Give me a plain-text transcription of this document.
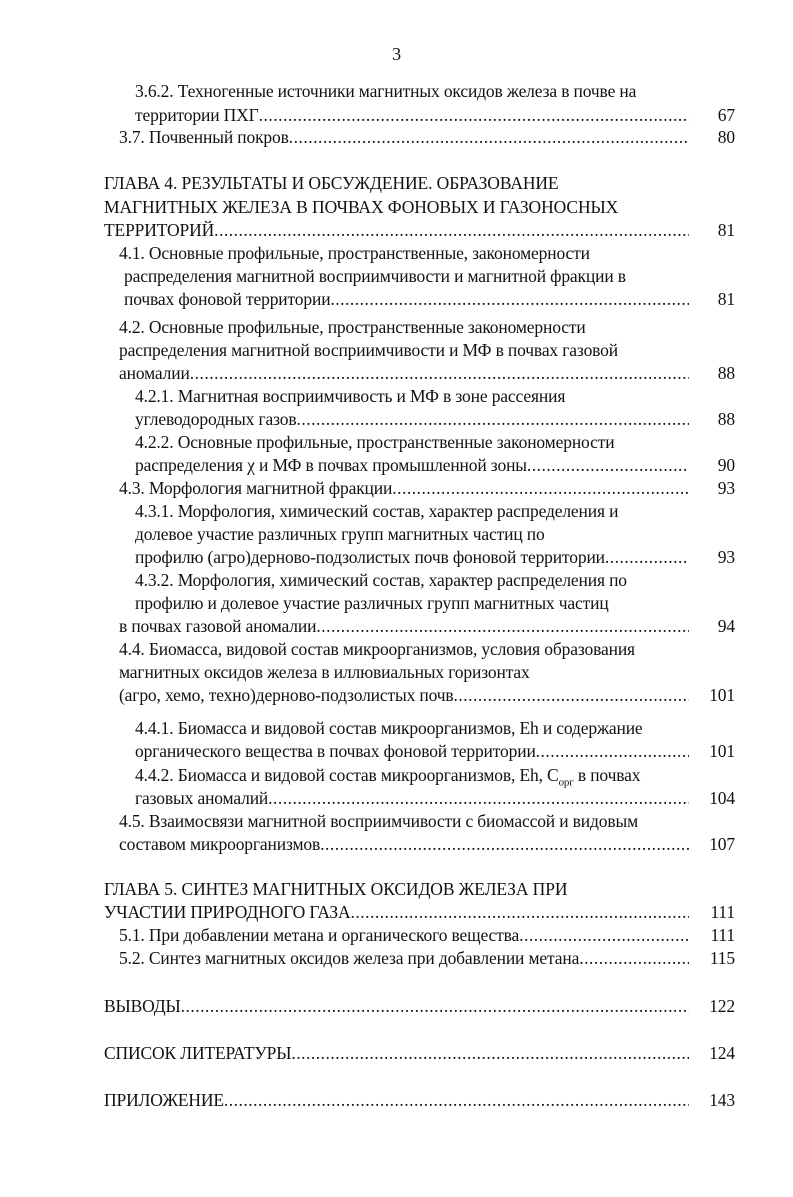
3
3.6.2. Техногенные источники магнитных оксидов железа в почве на
территории ПХГ .....	67
3.7. Почвенный покров .....	80
ГЛАВА 4. РЕЗУЛЬТАТЫ И ОБСУЖДЕНИЕ. ОБРАЗОВАНИЕ
МАГНИТНЫХ ЖЕЛЕЗА В ПОЧВАХ ФОНОВЫХ И ГАЗОНОСНЫХ
ТЕРРИТОРИЙ .....	81
4.1. Основные профильные, пространственные, закономерности
распределения магнитной восприимчивости и магнитной фракции в
почвах фоновой территории .....	81
4.2. Основные профильные, пространственные закономерности
распределения магнитной восприимчивости и МФ в почвах газовой
аномалии .....	88
4.2.1. Магнитная восприимчивость и МФ в зоне рассеяния
углеводородных газов .....	88
4.2.2. Основные профильные, пространственные закономерности
распределения χ и МФ в почвах промышленной зоны .....	90
4.3. Морфология магнитной фракции .....	93
4.3.1. Морфология, химический состав, характер распределения и
долевое участие различных групп магнитных частиц по
профилю (агро)дерново-подзолистых почв фоновой территории .....	93
4.3.2. Морфология, химический состав, характер распределения по
профилю и долевое участие различных групп магнитных частиц
в почвах газовой аномалии .....	94
4.4. Биомасса, видовой состав микроорганизмов, условия образования
магнитных оксидов железа в иллювиальных горизонтах
(агро, хемо, техно)дерново-подзолистых почв .....	101
4.4.1. Биомасса и видовой состав микроорганизмов, Eh и содержание
органического вещества в почвах фоновой территории .....	101
4.4.2. Биомасса и видовой состав микроорганизмов, Eh, $C_{орг}$ в почвах
газовых аномалий .....	104
4.5. Взаимосвязи магнитной восприимчивости с биомассой и видовым
составом микроорганизмов .....	107
ГЛАВА 5. СИНТЕЗ МАГНИТНЫХ ОКСИДОВ ЖЕЛЕЗА ПРИ
УЧАСТИИ ПРИРОДНОГО ГАЗА .....	111
5.1. При добавлении метана и органического вещества .....	111
5.2. Синтез магнитных оксидов железа при добавлении метана .....	115
ВЫВОДЫ .....	122
СПИСОК ЛИТЕРАТУРЫ .....	124
ПРИЛОЖЕНИЕ .....	143
